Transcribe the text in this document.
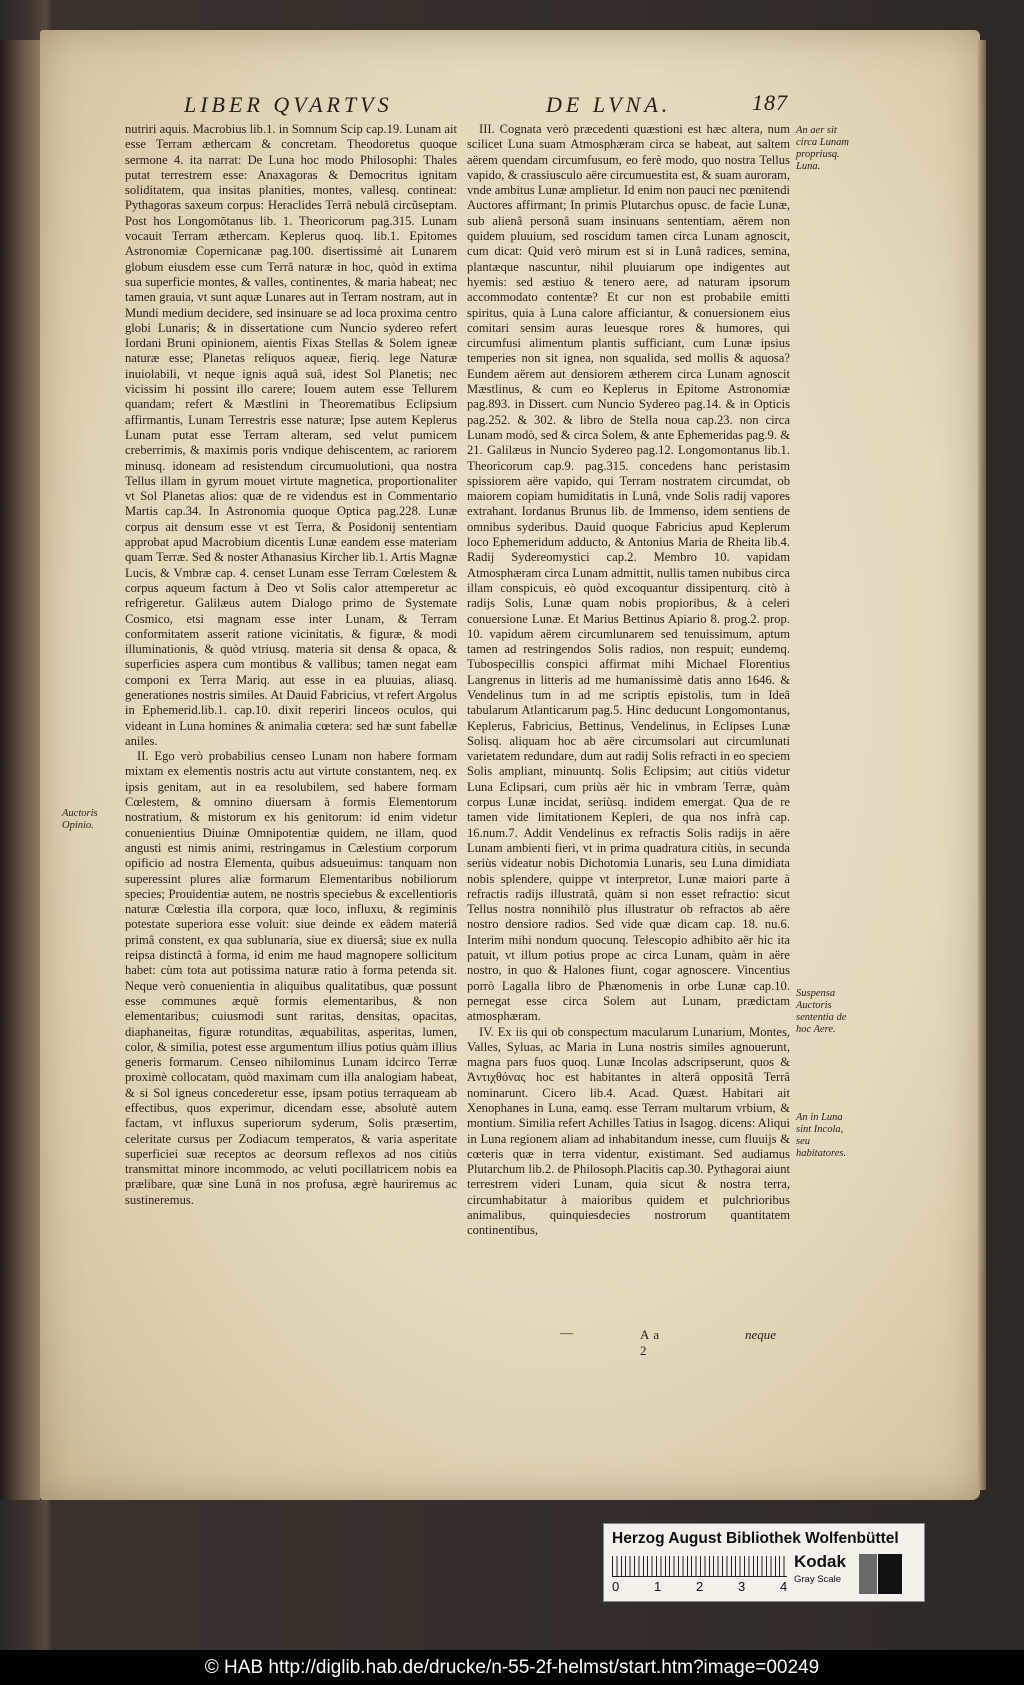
LIBER QVARTVS	DE LVNA.	187

nutriri aquis. Macrobius lib.1. in Somnum Scip cap.19. Lunam ait esse Terram æthercam & concretam. Theodoretus quoque sermone 4. ita narrat: De Luna hoc modo Philosophi: Thales putat terrestrem esse: Anaxagoras & Democritus ignitam soliditatem, qua insitas planities, montes, vallesq. contineat: Pythagoras saxeum corpus: Heraclides Terrâ nebulâ circũseptam. Post hos Longomōtanus lib. 1. Theoricorum pag.315. Lunam vocauit Terram æthercam. Keplerus quoq. lib.1. Epitomes Astronomiæ Copernicanæ pag.100. disertissimè ait Lunarem globum eiusdem esse cum Terrâ naturæ in hoc, quòd in extima sua superficie montes, & valles, continentes, & maria habeat; nec tamen grauia, vt sunt aquæ Lunares aut in Terram nostram, aut in Mundi medium decidere, sed insinuare se ad loca proxima centro globi Lunaris; & in dissertatione cum Nuncio sydereo refert Iordani Bruni opinionem, aientis Fixas Stellas & Solem igneæ naturæ esse; Planetas reliquos aqueæ, fieriq. lege Naturæ inuiolabili, vt neque ignis aquâ suâ, idest Sol Planetis; nec vicissim hi possint illo carere; Iouem autem esse Tellurem quandam; refert & Mæstlini in Theorematibus Eclipsium affirmantis, Lunam Terrestris esse naturæ; Ipse autem Keplerus Lunam putat esse Terram alteram, sed velut pumicem creberrimis, & maximis poris vndique dehiscentem, ac rariorem minusq. idoneam ad resistendum circumuolutioni, qua nostra Tellus illam in gyrum mouet virtute magnetica, proportionaliter vt Sol Planetas alios: quæ de re videndus est in Commentario Martis cap.34. In Astronomia quoque Optica pag.228. Lunæ corpus ait densum esse vt est Terra, & Posidonij sententiam approbat apud Macrobium dicentis Lunæ eandem esse materiam quam Terræ. Sed & noster Athanasius Kircher lib.1. Artis Magnæ Lucis, & Vmbræ cap. 4. censet Lunam esse Terram Cœlestem & corpus aqueum factum à Deo vt Solis calor attemperetur ac refrigeretur. Galilæus autem Dialogo primo de Systemate Cosmico, etsi magnam esse inter Lunam, & Terram conformitatem asserit ratione vicinitatis, & figuræ, & modi illuminationis, & quòd vtriusq. materia sit densa & opaca, & superficies aspera cum montibus & vallibus; tamen negat eam componi ex Terra Mariq. aut esse in ea pluuias, aliasq. generationes nostris similes. At Dauid Fabricius, vt refert Argolus in Ephemerid.lib.1. cap.10. dixit reperiri linceos oculos, qui videant in Luna homines & animalia cœtera: sed hæ sunt fabellæ aniles.

II. Ego verò probabilius censeo Lunam non habere formam mixtam ex elementis nostris actu aut virtute constantem, neq. ex ipsis genitam, aut in ea resolubilem, sed habere formam Cœlestem, & omnino diuersam à formis Elementorum nostratium, & mistorum ex his genitorum: id enim videtur conuenientius Diuinæ Omnipotentiæ quidem, ne illam, quod angusti est nimis animi, restringamus in Cælestium corporum opificio ad nostra Elementa, quibus adsueuimus: tanquam non superessint plures aliæ formarum Elementaribus nobiliorum species; Prouidentiæ autem, ne nostris speciebus & excellentioris naturæ Cœlestia illa corpora, quæ loco, influxu, & regiminis potestate superiora esse voluit: siue deinde ex eâdem materiâ primâ constent, ex qua sublunaria, siue ex diuersâ; siue ex nulla reipsa distinctâ à forma, id enim me haud magnopere sollicitum habet: cùm tota aut potissima naturæ ratio à forma petenda sit. Neque verò conuenientia in aliquibus qualitatibus, quæ possunt esse communes æquè formis elementaribus, & non elementaribus; cuiusmodi sunt raritas, densitas, opacitas, diaphaneitas, figuræ rotunditas, æquabilitas, asperitas, lumen, color, & similia, potest esse argumentum illius potius quàm illius generis formarum. Censeo nihilominus Lunam idcirco Terræ proximè collocatam, quòd maximam cum illa analogiam habeat, & si Sol igneus concederetur esse, ipsam potius terraqueam ab effectibus, quos experimur, dicendam esse, absolutè autem factam, vt influxus superiorum syderum, Solis præsertim, celeritate cursus per Zodiacum temperatos, & varia asperitate superficiei suæ receptos ac deorsum reflexos ad nos citiùs transmittat minore incommodo, ac veluti pocillatricem nobis ea prælibare, quæ sine Lunâ in nos profusa, ægrè hauriremus ac sustineremus.

III. Cognata verò præcedenti quæstioni est hæc altera, num scilicet Luna suam Atmosphæram circa se habeat, aut saltem aërem quendam circumfusum, eo ferè modo, quo nostra Tellus vapido, & crassiusculo aëre circumuestita est, & suam auroram, vnde ambitus Lunæ amplietur. Id enim non pauci nec pœnitendi Auctores affirmant; In primis Plutarchus opusc. de facie Lunæ, sub alienâ personâ suam insinuans sententiam, aërem non quidem pluuium, sed roscidum tamen circa Lunam agnoscit, cum dicat: Quid verò mirum est si in Lunâ radices, semina, plantæque nascuntur, nihil pluuiarum ope indigentes aut hyemis: sed æstiuo & tenero aere, ad naturam ipsorum accommodato contentæ? Et cur non est probabile emitti spiritus, quia à Luna calore afficiantur, & conuersionem eius comitari sensim auras leuesque rores & humores, qui circumfusi alimentum plantis sufficiant, cum Lunæ ipsius temperies non sit ignea, non squalida, sed mollis & aquosa? Eundem aërem aut densiorem ætherem circa Lunam agnoscit Mæstlinus, & cum eo Keplerus in Epitome Astronomiæ pag.893. in Dissert. cum Nuncio Sydereo pag.14. & in Opticis pag.252. & 302. & libro de Stella noua cap.23. non circa Lunam modò, sed & circa Solem, & ante Ephemeridas pag.9. & 21. Galilæus in Nuncio Sydereo pag.12. Longomontanus lib.1. Theoricorum cap.9. pag.315. concedens hanc peristasim spissiorem aëre vapido, qui Terram nostratem circumdat, ob maiorem copiam humiditatis in Lunâ, vnde Solis radij vapores extrahant. Iordanus Brunus lib. de Immenso, idem sentiens de omnibus syderibus. Dauid quoque Fabricius apud Keplerum loco Ephemeridum adducto, & Antonius Maria de Rheita lib.4. Radij Sydereomystici cap.2. Membro 10. vapidam Atmosphæram circa Lunam admittit, nullis tamen nubibus circa illam conspicuis, eò quòd excoquantur dissipenturq. citò à radijs Solis, Lunæ quam nobis propioribus, & à celeri conuersione Lunæ. Et Marius Bettinus Apiario 8. prog.2. prop. 10. vapidum aërem circumlunarem sed tenuissimum, aptum tamen ad restringendos Solis radios, non respuit; eundemq. Tubospecillis conspici affirmat mihi Michael Florentius Langrenus in litteris ad me humanissimè datis anno 1646. & Vendelinus tum in ad me scriptis epistolis, tum in Ideâ tabularum Atlanticarum pag.5. Hinc deducunt Longomontanus, Keplerus, Fabricius, Bettinus, Vendelinus, in Eclipses Lunæ Solisq. aliquam hoc ab aëre circumsolari aut circumlunati varietatem redundare, dum aut radij Solis refracti in eo speciem Solis ampliant, minuuntq. Solis Eclipsim; aut citiùs videtur Luna Eclipsari, cum priùs aër hic in vmbram Terræ, quàm corpus Lunæ incidat, seriùsq. indidem emergat. Qua de re tamen vide limitationem Kepleri, de qua nos infrà cap. 16.num.7. Addit Vendelinus ex refractis Solis radijs in aëre Lunam ambienti fieri, vt in prima quadratura citiùs, in secunda seriùs videatur nobis Dichotomia Lunaris, seu Luna dimidiata nobis splendere, quippe vt interpretor, Lunæ maiori parte à refractis radijs illustratâ, quàm si non esset refractio: sicut Tellus nostra nonnihilò plus illustratur ob refractos ab aëre nostro densiore radios. Sed vide quæ dicam cap. 18. nu.6. Interim mihi nondum quocunq. Telescopio adhibito aër hic ita patuit, vt illum potius prope ac circa Lunam, quàm in aëre nostro, in quo & Halones fiunt, cogar agnoscere. Vincentius porrò Lagalla libro de Phænomenis in orbe Lunæ cap.10. pernegat esse circa Solem aut Lunam, prædictam atmosphæram.

IV. Ex iis qui ob conspectum macularum Lunarium, Montes, Valles, Syluas, ac Maria in Luna nostris similes agnouerunt, magna pars fuos quoq. Lunæ Incolas adscripserunt, quos & Ἀντιχθόνας hoc est habitantes in alterâ oppositâ Terrâ nominarunt. Cicero lib.4. Acad. Quæst. Habitari ait Xenophanes in Luna, eamq. esse Terram multarum vrbium, & montium. Similia refert Achilles Tatius in Isagog. dicens: Aliqui in Luna regionem aliam ad inhabitandum inesse, cum fluuijs & cœteris quæ in terra videntur, existimant. Sed audiamus Plutarchum lib.2. de Philosoph.Placitis cap.30. Pythagorai aiunt terrestrem videri Lunam, quia sicut & nostra terra, circumhabitatur à maioribus quidem et pulchrioribus animalibus, quinquiesdecies nostrorum quantitatem continentibus,

An aer sit circa Lunam propriusq. Luna.
Auctoris Opinio.
Suspensa Auctoris sententia de hoc Aere.
An in Luna sint Incola, seu habitatores.
—	Aa 2
neque
Herzog August Bibliothek Wolfenbüttel
0	1	2	3	4
Kodak
Gray Scale
© HAB http://diglib.hab.de/drucke/n-55-2f-helmst/start.htm?image=00249
